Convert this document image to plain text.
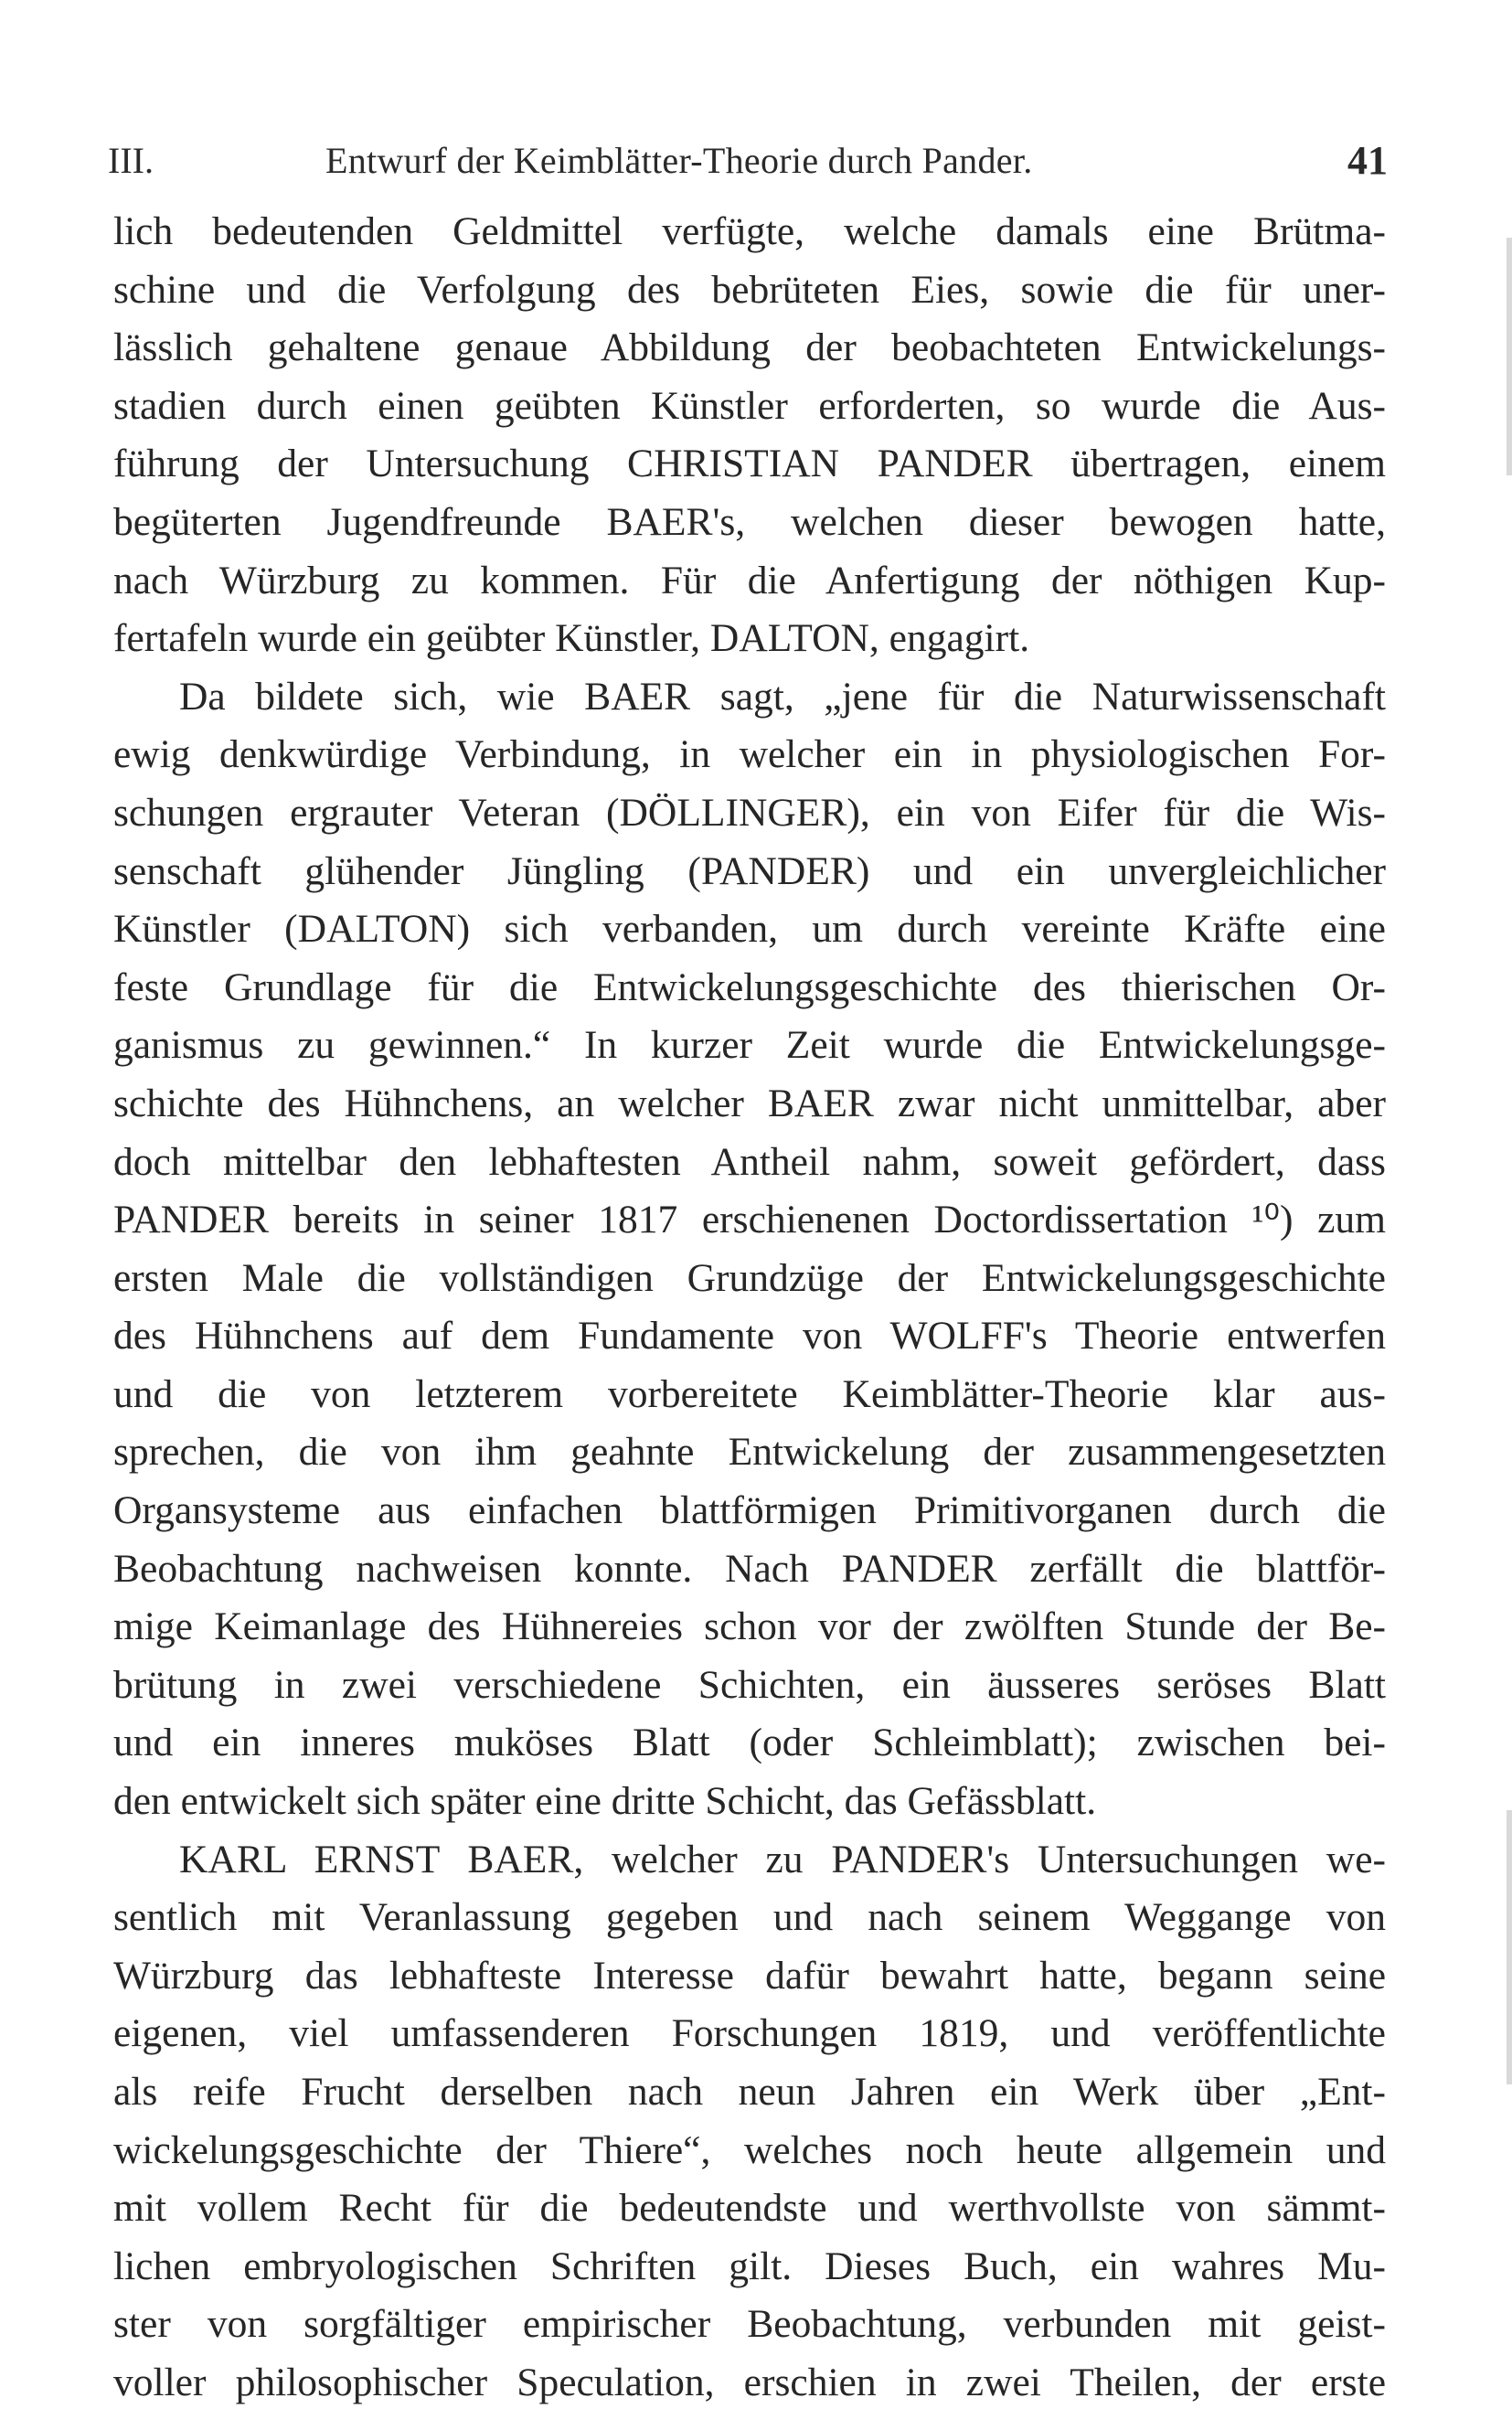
III.	Entwurf der Keimblätter-Theorie durch Pander.	41
lich bedeutenden Geldmittel verfügte, welche damals eine Brütma-
schine und die Verfolgung des bebrüteten Eies, sowie die für uner-
lässlich gehaltene genaue Abbildung der beobachteten Entwickelungs-
stadien durch einen geübten Künstler erforderten, so wurde die Aus-
führung der Untersuchung CHRISTIAN PANDER übertragen, einem
begüterten Jugendfreunde BAER's, welchen dieser bewogen hatte,
nach Würzburg zu kommen. Für die Anfertigung der nöthigen Kup-
fertafeln wurde ein geübter Künstler, DALTON, engagirt.
Da bildete sich, wie BAER sagt, „jene für die Naturwissenschaft
ewig denkwürdige Verbindung, in welcher ein in physiologischen For-
schungen ergrauter Veteran (DÖLLINGER), ein von Eifer für die Wis-
senschaft glühender Jüngling (PANDER) und ein unvergleichlicher
Künstler (DALTON) sich verbanden, um durch vereinte Kräfte eine
feste Grundlage für die Entwickelungsgeschichte des thierischen Or-
ganismus zu gewinnen.“ In kurzer Zeit wurde die Entwickelungsge-
schichte des Hühnchens, an welcher BAER zwar nicht unmittelbar, aber
doch mittelbar den lebhaftesten Antheil nahm, soweit gefördert, dass
PANDER bereits in seiner 1817 erschienenen Doctordissertation ¹⁰) zum
ersten Male die vollständigen Grundzüge der Entwickelungsgeschichte
des Hühnchens auf dem Fundamente von WOLFF's Theorie entwerfen
und die von letzterem vorbereitete Keimblätter-Theorie klar aus-
sprechen, die von ihm geahnte Entwickelung der zusammengesetzten
Organsysteme aus einfachen blattförmigen Primitivorganen durch die
Beobachtung nachweisen konnte. Nach PANDER zerfällt die blattför-
mige Keimanlage des Hühnereies schon vor der zwölften Stunde der Be-
brütung in zwei verschiedene Schichten, ein äusseres seröses Blatt
und ein inneres muköses Blatt (oder Schleimblatt); zwischen bei-
den entwickelt sich später eine dritte Schicht, das Gefässblatt.
KARL ERNST BAER, welcher zu PANDER's Untersuchungen we-
sentlich mit Veranlassung gegeben und nach seinem Weggange von
Würzburg das lebhafteste Interesse dafür bewahrt hatte, begann seine
eigenen, viel umfassenderen Forschungen 1819, und veröffentlichte
als reife Frucht derselben nach neun Jahren ein Werk über „Ent-
wickelungsgeschichte der Thiere“, welches noch heute allgemein und
mit vollem Recht für die bedeutendste und werthvollste von sämmt-
lichen embryologischen Schriften gilt. Dieses Buch, ein wahres Mu-
ster von sorgfältiger empirischer Beobachtung, verbunden mit geist-
voller philosophischer Speculation, erschien in zwei Theilen, der erste
